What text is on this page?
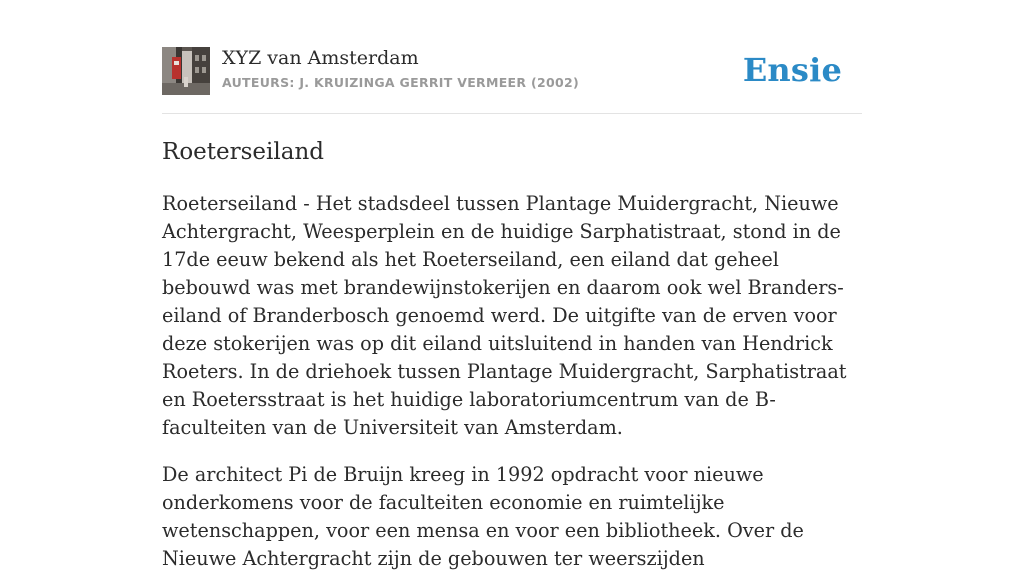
XYZ van Amsterdam
AUTEURS: J. KRUIZINGA GERRIT VERMEER (2002)	Ensie
Roeterseiland

Roeterseiland - Het stadsdeel tussen Plantage Muidergracht, Nieuwe Achtergracht, Weesperplein en de huidige Sarphatistraat, stond in de 17de eeuw bekend als het Roeterseiland, een eiland dat geheel bebouwd was met brandewijnstokerijen en daarom ook wel Branders- eiland of Branderbosch genoemd werd. De uitgifte van de erven voor deze stokerijen was op dit eiland uitsluitend in handen van Hendrick Roeters. In de driehoek tussen Plantage Muidergracht, Sarphatistraat en Roetersstraat is het huidige laboratoriumcentrum van de B-faculteiten van de Universiteit van Amsterdam.

De architect Pi de Bruijn kreeg in 1992 opdracht voor nieuwe onderkomens voor de faculteiten economie en ruimtelijke wetenschappen, voor een mensa en voor een bibliotheek. Over de Nieuwe Achtergracht zijn de gebouwen ter weerszijden
